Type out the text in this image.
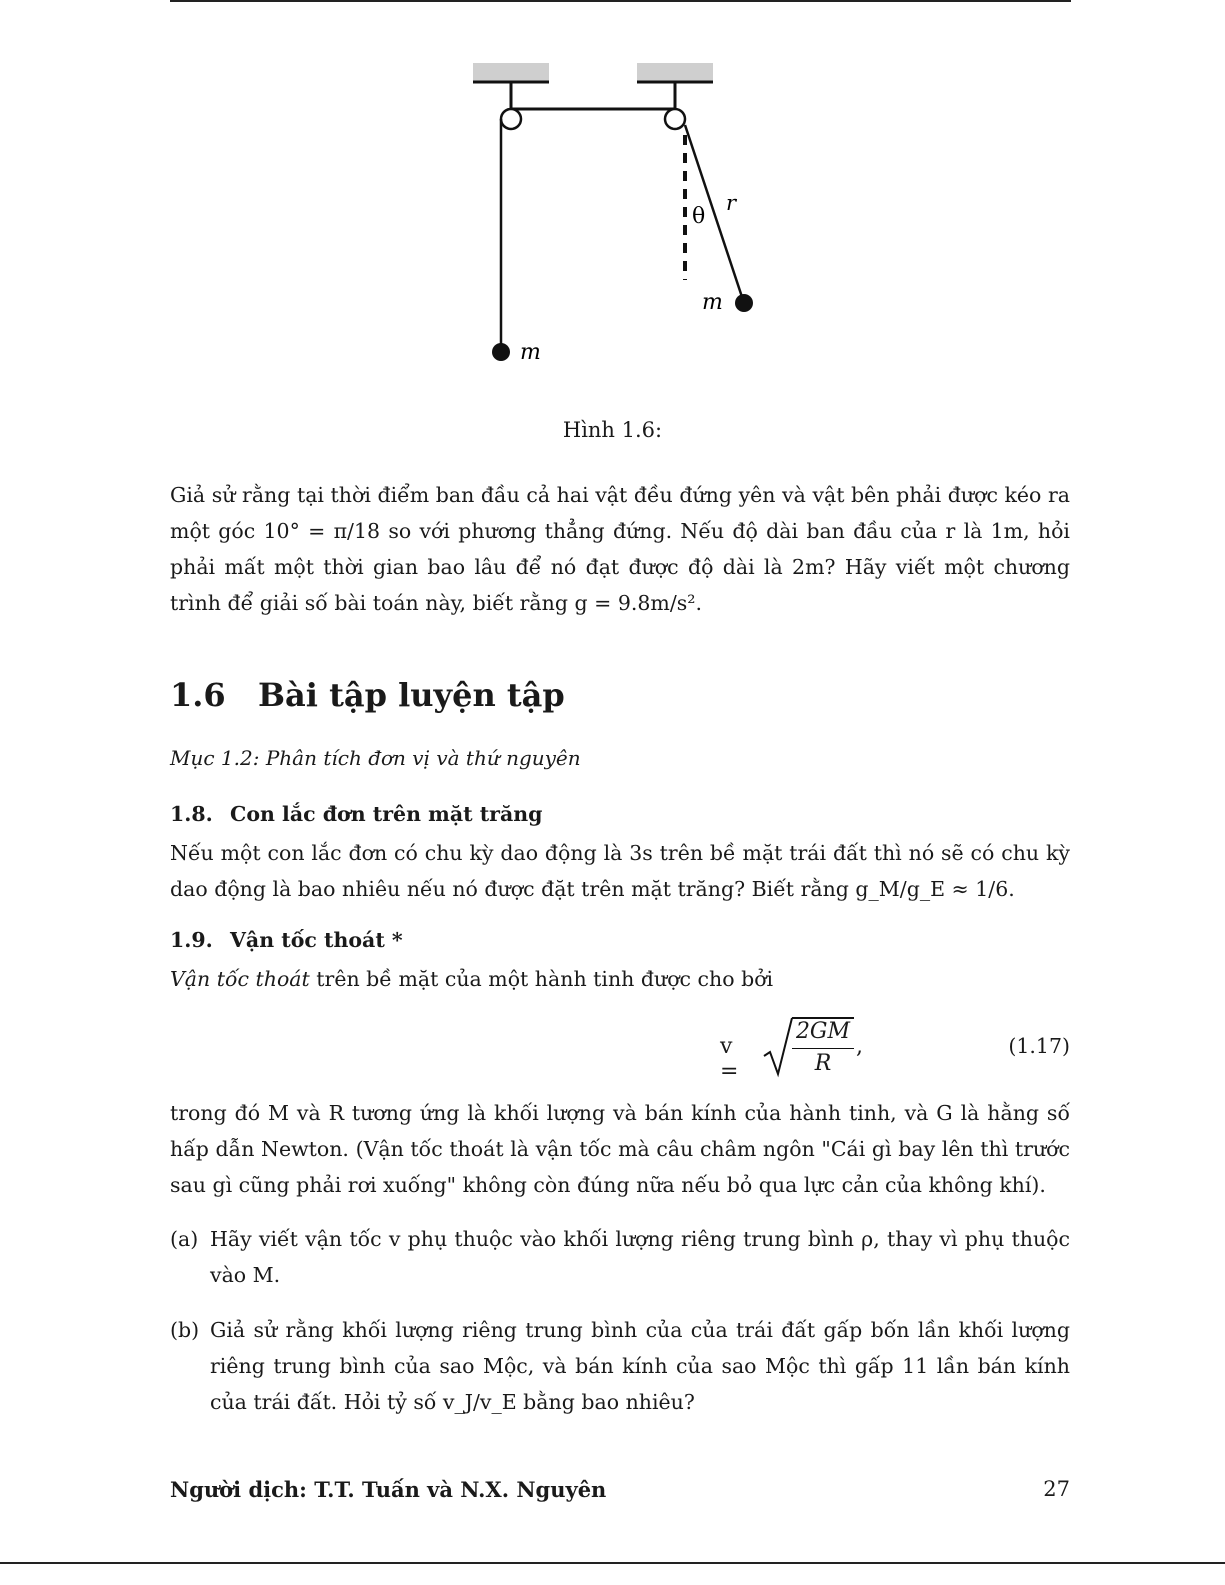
θ
r
m
m
Hình 1.6:
Giả sử rằng tại thời điểm ban đầu cả hai vật đều đứng yên và vật bên phải được kéo ra một góc 10° = π/18 so với phương thẳng đứng. Nếu độ dài ban đầu của r là 1m, hỏi phải mất một thời gian bao lâu để nó đạt được độ dài là 2m? Hãy viết một chương trình để giải số bài toán này, biết rằng g = 9.8m/s².
1.6 Bài tập luyện tập
Mục 1.2: Phân tích đơn vị và thứ nguyên
1.8. Con lắc đơn trên mặt trăng
Nếu một con lắc đơn có chu kỳ dao động là 3s trên bề mặt trái đất thì nó sẽ có chu kỳ dao động là bao nhiêu nếu nó được đặt trên mặt trăng? Biết rằng g_M/g_E ≈ 1/6.
1.9. Vận tốc thoát *
Vận tốc thoát trên bề mặt của một hành tinh được cho bởi
v =
2GM
R
,	(1.17)
trong đó M và R tương ứng là khối lượng và bán kính của hành tinh, và G là hằng số hấp dẫn Newton. (Vận tốc thoát là vận tốc mà câu châm ngôn "Cái gì bay lên thì trước sau gì cũng phải rơi xuống" không còn đúng nữa nếu bỏ qua lực cản của không khí).
(a) Hãy viết vận tốc v phụ thuộc vào khối lượng riêng trung bình ρ, thay vì phụ thuộc vào M.
(b) Giả sử rằng khối lượng riêng trung bình của của trái đất gấp bốn lần khối lượng riêng trung bình của sao Mộc, và bán kính của sao Mộc thì gấp 11 lần bán kính của trái đất. Hỏi tỷ số v_J/v_E bằng bao nhiêu?
Người dịch: T.T. Tuấn và N.X. Nguyên	27
